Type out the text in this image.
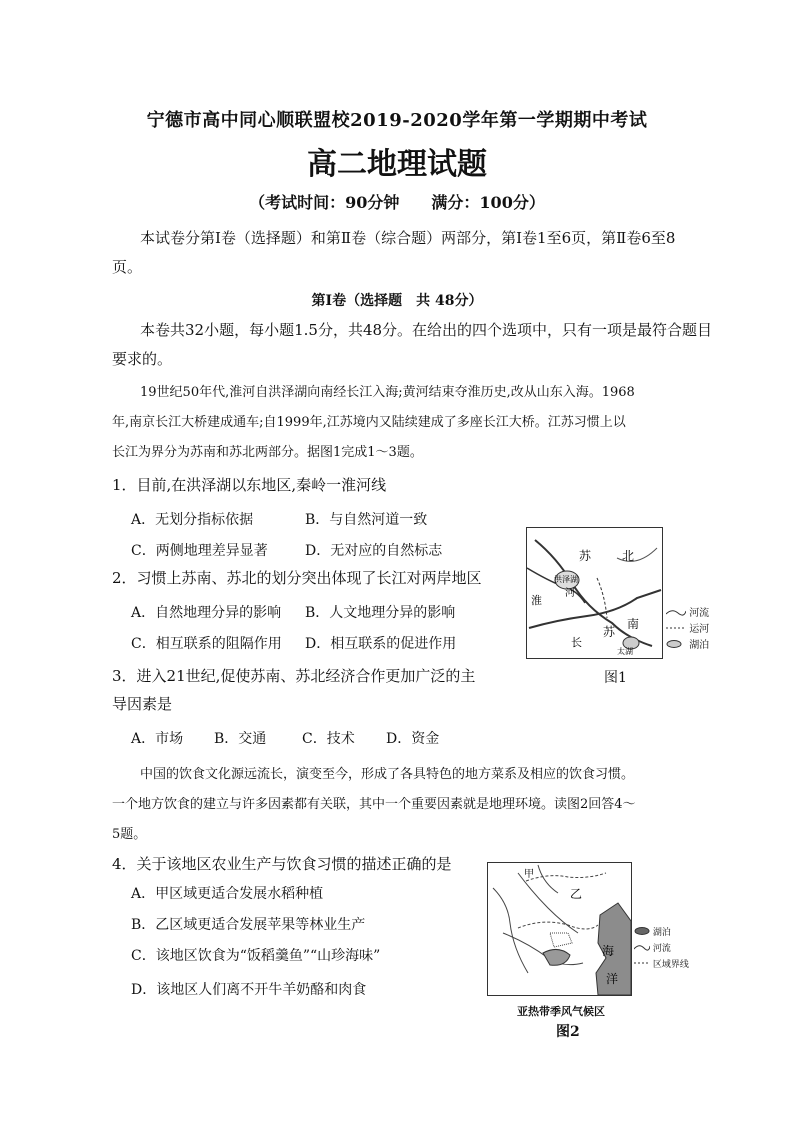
宁德市高中同心顺联盟校2019-2020学年第一学期期中考试
高二地理试题
（考试时间：90分钟　　满分：100分）
本试卷分第Ⅰ卷（选择题）和第Ⅱ卷（综合题）两部分，第Ⅰ卷1至6页，第Ⅱ卷6至8
页。
第Ⅰ卷（选择题　共 48分）
本卷共32小题，每小题1.5分，共48分。在给出的四个选项中，只有一项是最符合题目
要求的。
19世纪50年代,淮河自洪泽湖向南经长江入海;黄河结束夺淮历史,改从山东入海。1968
年,南京长江大桥建成通车;自1999年,江苏境内又陆续建成了多座长江大桥。江苏习惯上以
长江为界分为苏南和苏北两部分。据图1完成1～3题。
1．目前,在洪泽湖以东地区,秦岭一淮河线
A．无划分指标依据	B．与自然河道一致
C．两侧地理差异显著	D．无对应的自然标志
2．习惯上苏南、苏北的划分突出体现了长江对两岸地区
A．自然地理分异的影响 B．人文地理分异的影响
C．相互联系的阻隔作用 D．相互联系的促进作用
3．进入21世纪,促使苏南、苏北经济合作更加广泛的主
导因素是
A．市场 B．交通	C．技术 D．资金
苏	北
洪泽湖
河
淮
南
苏
长
太湖
河流
运河
湖泊
图1
中国的饮食文化源远流长，演变至今，形成了各具特色的地方菜系及相应的饮食习惯。
一个地方饮食的建立与许多因素都有关联，其中一个重要因素就是地理环境。读图2回答4～
5题。
4．关于该地区农业生产与饮食习惯的描述正确的是
A．甲区域更适合发展水稻种植
B．乙区域更适合发展苹果等林业生产
C．该地区饮食为“饭稻羹鱼”“山珍海味”
D．该地区人们离不开牛羊奶酪和肉食
甲
乙
海
洋
湖泊
河流
区域界线
亚热带季风气候区
图2
